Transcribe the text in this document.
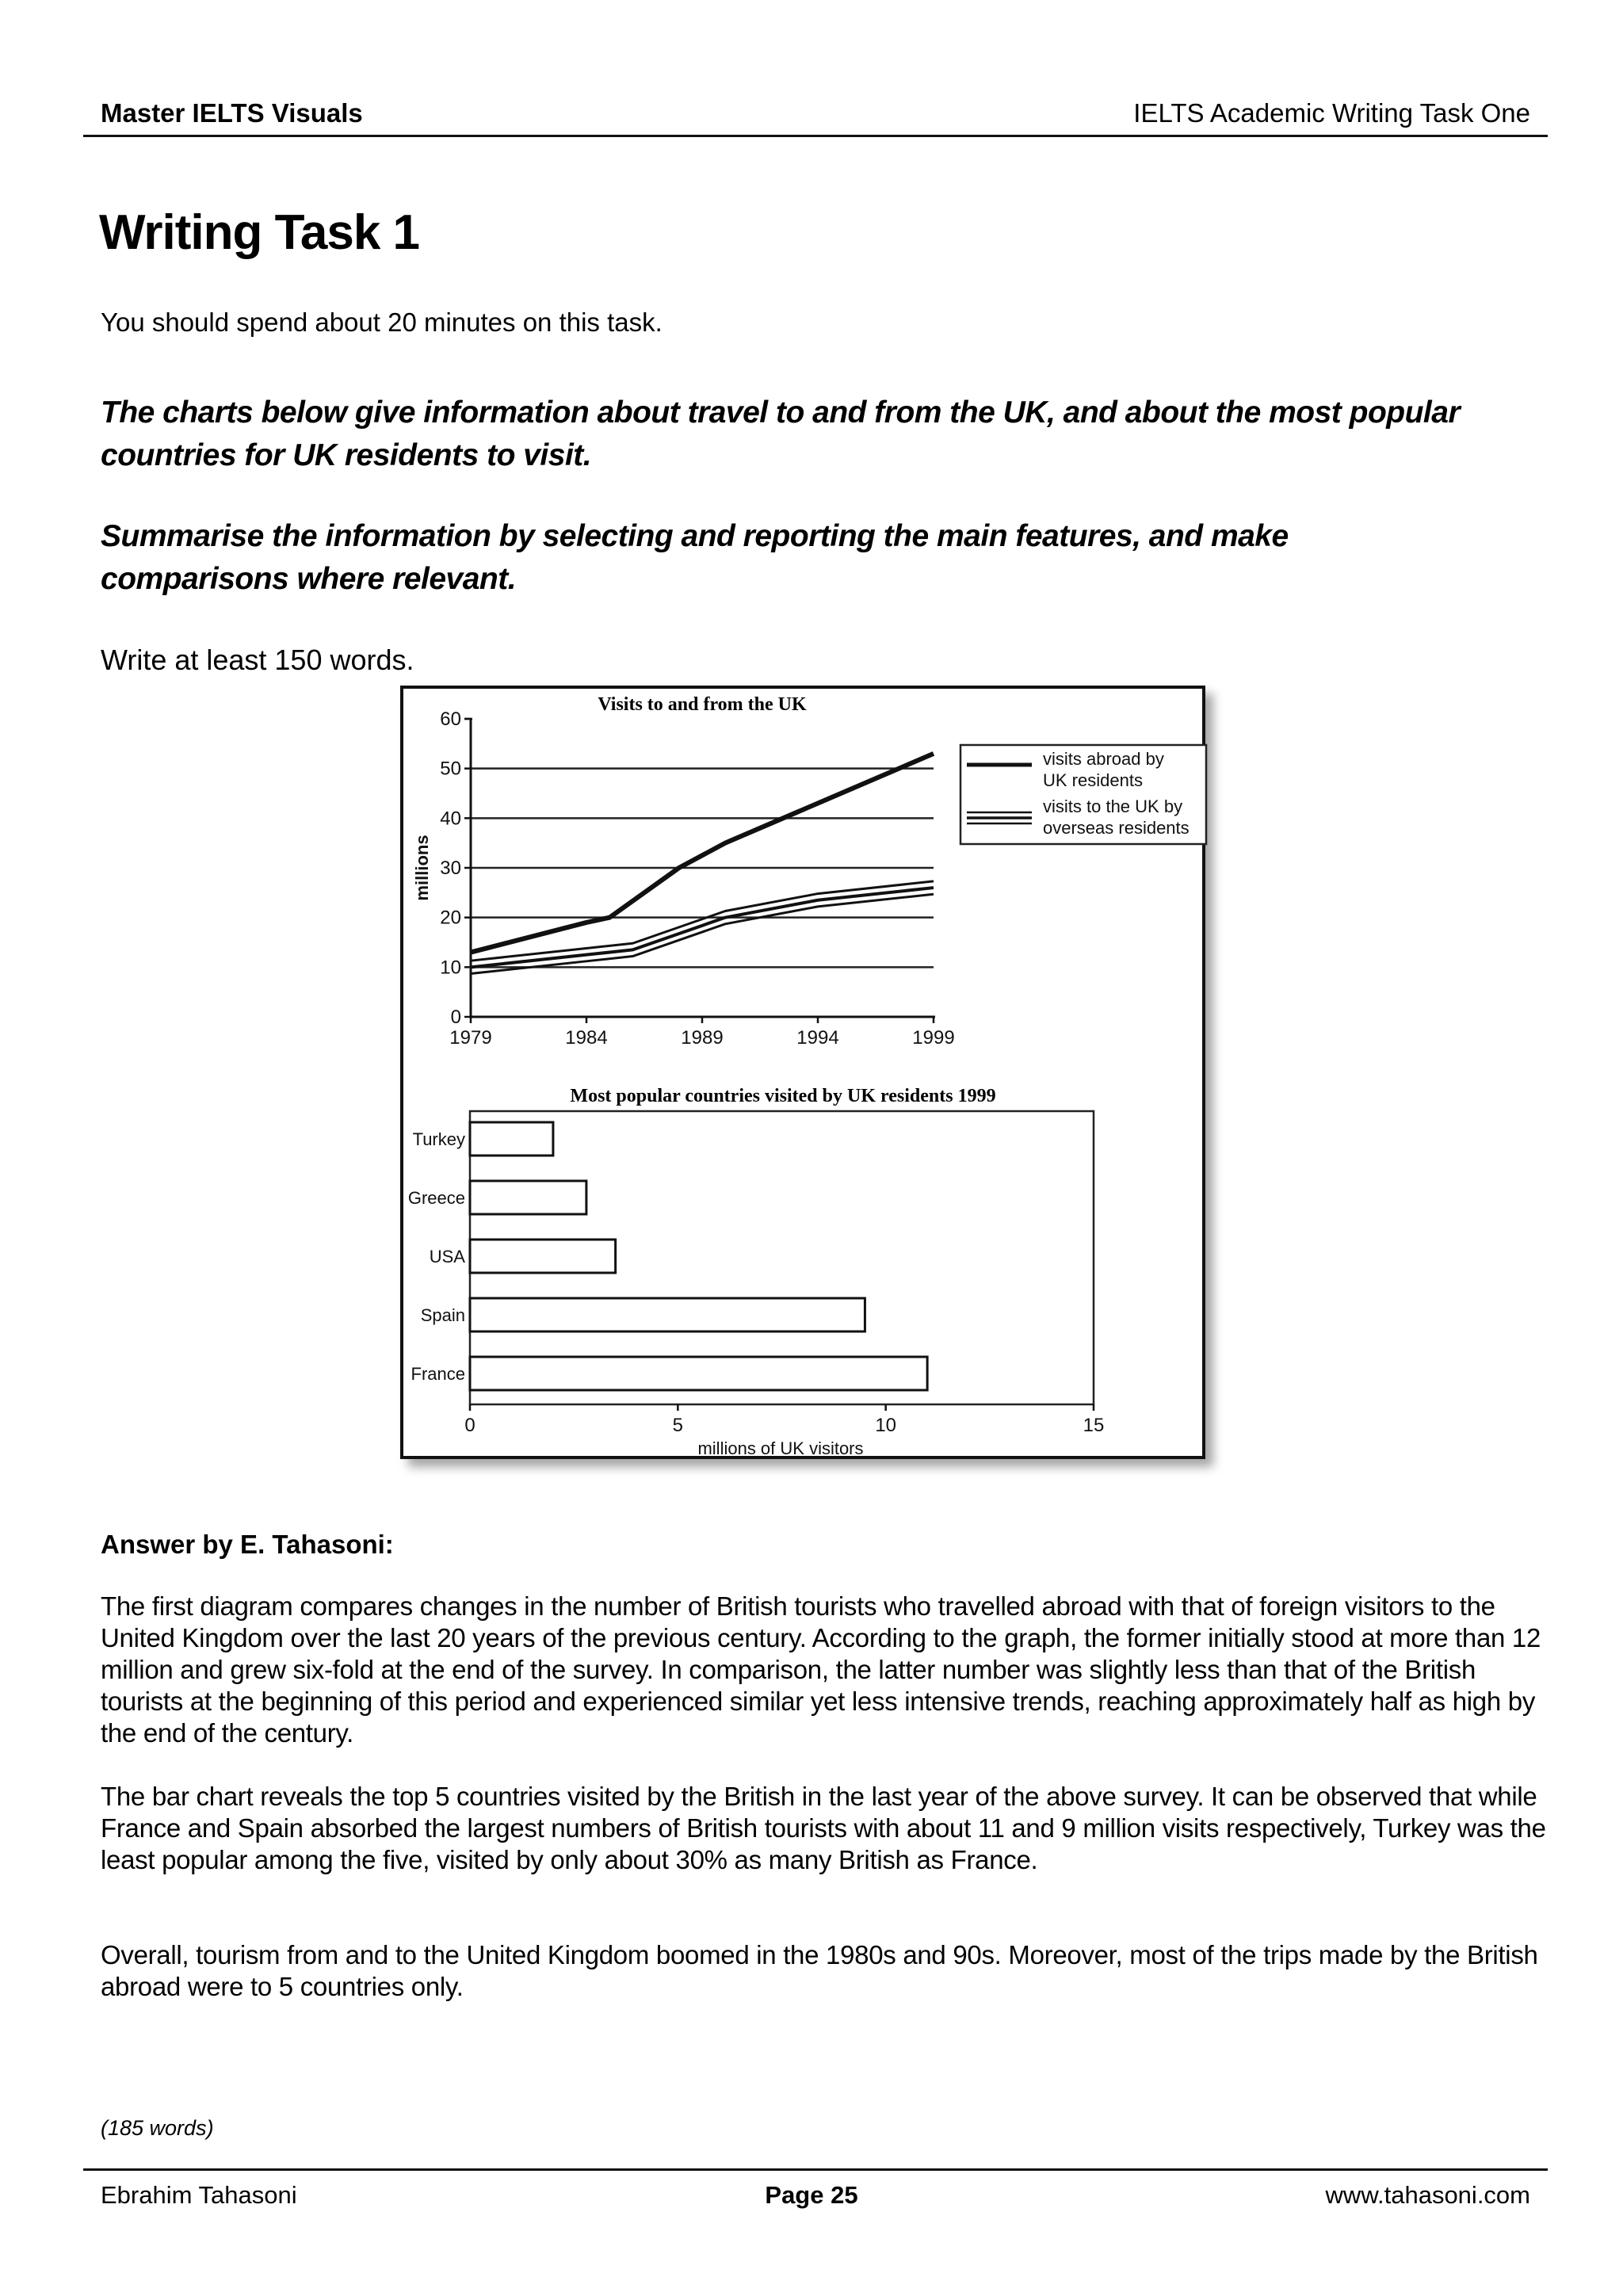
Master IELTS Visuals	IELTS Academic Writing Task One
Writing Task 1
You should spend about 20 minutes on this task.
The charts below give information about travel to and from the UK, and about the most popular countries for UK residents to visit.
Summarise the information by selecting and reporting the main features, and make comparisons where relevant.
Write at least 150 words.
Visits to and from the UK
0
10
20
30
40
50
60
1979	1984	1989	1994	1999
millions
visits abroad by
UK residents
visits to the UK by
overseas residents
Most popular countries visited by UK residents 1999
Turkey
Greece
USA
Spain
France
0	5	10	15
millions of UK visitors
Answer by E. Tahasoni:
The first diagram compares changes in the number of British tourists who travelled abroad with that of foreign visitors to the United Kingdom over the last 20 years of the previous century. According to the graph, the former initially stood at more than 12 million and grew six-fold at the end of the survey. In comparison, the latter number was slightly less than that of the British tourists at the beginning of this period and experienced similar yet less intensive trends, reaching approximately half as high by the end of the century.
The bar chart reveals the top 5 countries visited by the British in the last year of the above survey. It can be observed that while France and Spain absorbed the largest numbers of British tourists with about 11 and 9 million visits respectively, Turkey was the least popular among the five, visited by only about 30% as many British as France.
Overall, tourism from and to the United Kingdom boomed in the 1980s and 90s. Moreover, most of the trips made by the British abroad were to 5 countries only.
(185 words)
Ebrahim Tahasoni	Page 25	www.tahasoni.com
